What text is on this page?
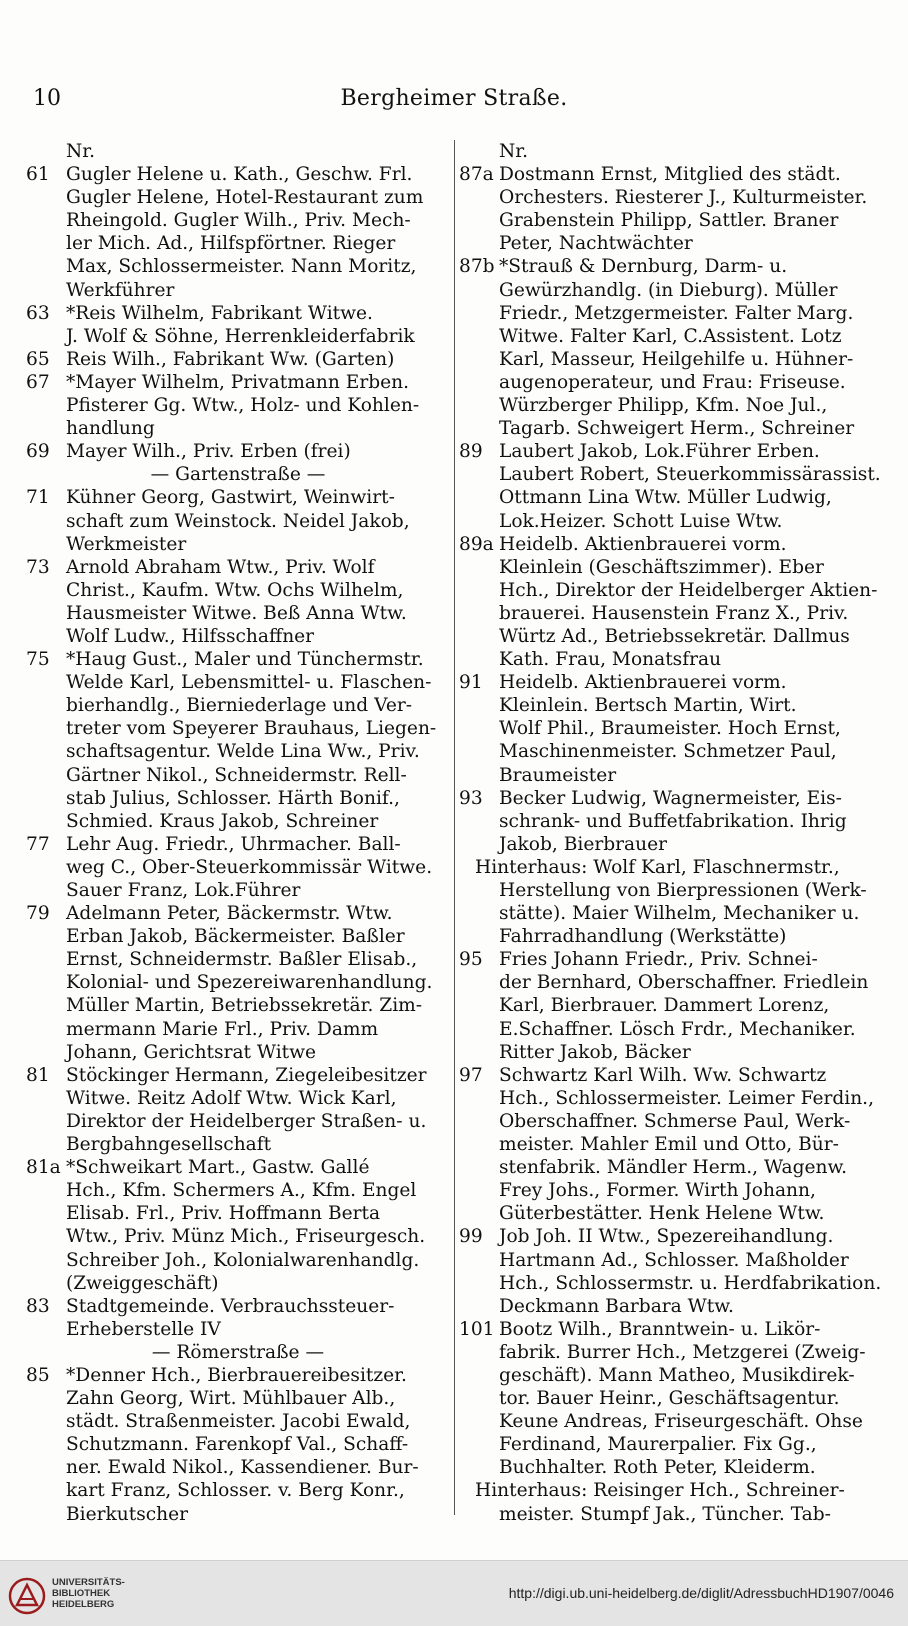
10	Bergheimer Straße.
Nr.
61 Gugler Helene u. Kath., Geschw. Frl.
Gugler Helene, Hotel-Restaurant zum
Rheingold. Gugler Wilh., Priv. Mech-
ler Mich. Ad., Hilfspförtner. Rieger
Max, Schlossermeister. Nann Moritz,
Werkführer
63 *Reis Wilhelm, Fabrikant Witwe.
J. Wolf & Söhne, Herrenkleiderfabrik
65 Reis Wilh., Fabrikant Ww. (Garten)
67 *Mayer Wilhelm, Privatmann Erben.
Pfisterer Gg. Wtw., Holz- und Kohlen-
handlung
69 Mayer Wilh., Priv. Erben (frei)
— Gartenstraße —
71 Kühner Georg, Gastwirt, Weinwirt-
schaft zum Weinstock. Neidel Jakob,
Werkmeister
73 Arnold Abraham Wtw., Priv. Wolf
Christ., Kaufm. Wtw. Ochs Wilhelm,
Hausmeister Witwe. Beß Anna Wtw.
Wolf Ludw., Hilfsschaffner
75 *Haug Gust., Maler und Tünchermstr.
Welde Karl, Lebensmittel- u. Flaschen-
bierhandlg., Bierniederlage und Ver-
treter vom Speyerer Brauhaus, Liegen-
schaftsagentur. Welde Lina Ww., Priv.
Gärtner Nikol., Schneidermstr. Rell-
stab Julius, Schlosser. Härth Bonif.,
Schmied. Kraus Jakob, Schreiner
77 Lehr Aug. Friedr., Uhrmacher. Ball-
weg C., Ober-Steuerkommissär Witwe.
Sauer Franz, Lok.Führer
79 Adelmann Peter, Bäckermstr. Wtw.
Erban Jakob, Bäckermeister. Baßler
Ernst, Schneidermstr. Baßler Elisab.,
Kolonial- und Spezereiwarenhandlung.
Müller Martin, Betriebssekretär. Zim-
mermann Marie Frl., Priv. Damm
Johann, Gerichtsrat Witwe
81 Stöckinger Hermann, Ziegeleibesitzer
Witwe. Reitz Adolf Wtw. Wick Karl,
Direktor der Heidelberger Straßen- u.
Bergbahngesellschaft
81a *Schweikart Mart., Gastw. Gallé
Hch., Kfm. Schermers A., Kfm. Engel
Elisab. Frl., Priv. Hoffmann Berta
Wtw., Priv. Münz Mich., Friseurgesch.
Schreiber Joh., Kolonialwarenhandlg.
(Zweiggeschäft)
83 Stadtgemeinde. Verbrauchssteuer-
Erheberstelle IV
— Römerstraße —
85 *Denner Hch., Bierbrauereibesitzer.
Zahn Georg, Wirt. Mühlbauer Alb.,
städt. Straßenmeister. Jacobi Ewald,
Schutzmann. Farenkopf Val., Schaff-
ner. Ewald Nikol., Kassendiener. Bur-
kart Franz, Schlosser. v. Berg Konr.,
Bierkutscher
Nr.
87a Dostmann Ernst, Mitglied des städt.
Orchesters. Riesterer J., Kulturmeister.
Grabenstein Philipp, Sattler. Braner
Peter, Nachtwächter
87b *Strauß & Dernburg, Darm- u.
Gewürzhandlg. (in Dieburg). Müller
Friedr., Metzgermeister. Falter Marg.
Witwe. Falter Karl, C.Assistent. Lotz
Karl, Masseur, Heilgehilfe u. Hühner-
augenoperateur, und Frau: Friseuse.
Würzberger Philipp, Kfm. Noe Jul.,
Tagarb. Schweigert Herm., Schreiner
89 Laubert Jakob, Lok.Führer Erben.
Laubert Robert, Steuerkommissärassist.
Ottmann Lina Wtw. Müller Ludwig,
Lok.Heizer. Schott Luise Wtw.
89a Heidelb. Aktienbrauerei vorm.
Kleinlein (Geschäftszimmer). Eber
Hch., Direktor der Heidelberger Aktien-
brauerei. Hausenstein Franz X., Priv.
Würtz Ad., Betriebssekretär. Dallmus
Kath. Frau, Monatsfrau
91 Heidelb. Aktienbrauerei vorm.
Kleinlein. Bertsch Martin, Wirt.
Wolf Phil., Braumeister. Hoch Ernst,
Maschinenmeister. Schmetzer Paul,
Braumeister
93 Becker Ludwig, Wagnermeister, Eis-
schrank- und Buffetfabrikation. Ihrig
Jakob, Bierbrauer
Hinterhaus: Wolf Karl, Flaschnermstr.,
Herstellung von Bierpressionen (Werk-
stätte). Maier Wilhelm, Mechaniker u.
Fahrradhandlung (Werkstätte)
95 Fries Johann Friedr., Priv. Schnei-
der Bernhard, Oberschaffner. Friedlein
Karl, Bierbrauer. Dammert Lorenz,
E.Schaffner. Lösch Frdr., Mechaniker.
Ritter Jakob, Bäcker
97 Schwartz Karl Wilh. Ww. Schwartz
Hch., Schlossermeister. Leimer Ferdin.,
Oberschaffner. Schmerse Paul, Werk-
meister. Mahler Emil und Otto, Bür-
stenfabrik. Mändler Herm., Wagenw.
Frey Johs., Former. Wirth Johann,
Güterbestätter. Henk Helene Wtw.
99 Job Joh. II Wtw., Spezereihandlung.
Hartmann Ad., Schlosser. Maßholder
Hch., Schlossermstr. u. Herdfabrikation.
Deckmann Barbara Wtw.
101 Bootz Wilh., Branntwein- u. Likör-
fabrik. Burrer Hch., Metzgerei (Zweig-
geschäft). Mann Matheo, Musikdirek-
tor. Bauer Heinr., Geschäftsagentur.
Keune Andreas, Friseurgeschäft. Ohse
Ferdinand, Maurerpalier. Fix Gg.,
Buchhalter. Roth Peter, Kleiderm.
Hinterhaus: Reisinger Hch., Schreiner-
meister. Stumpf Jak., Tüncher. Tab-
UNIVERSITÄTS-
BIBLIOTHEK
HEIDELBERG
http://digi.ub.uni-heidelberg.de/diglit/AdressbuchHD1907/0046
